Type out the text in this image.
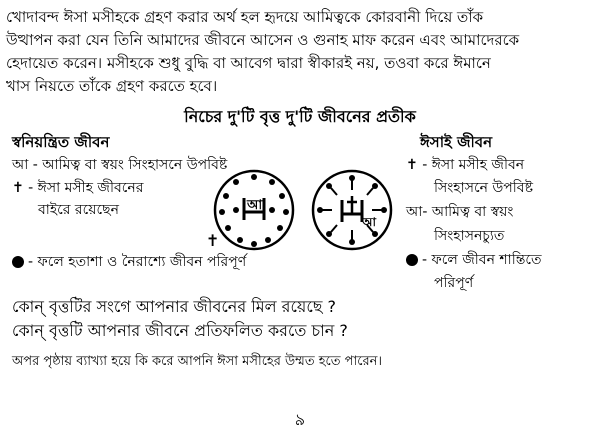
খোদাবন্দ ঈসা মসীহকে গ্রহণ করার অর্থ হল হৃদয়ে আমিত্বকে কোরবানী দিয়ে তাঁক
উত্থাপন করা যেন তিনি আমাদের জীবনে আসেন ও গুনাহ মাফ করেন এবং আমাদেরকে
হেদায়েত করেন। মসীহকে শুধু বুদ্ধি বা আবেগ দ্বারা স্বীকারই নয়, তওবা করে ঈমানে
খাস নিয়তে তাঁকে গ্রহণ করতে হবে।
নিচের দু'টি বৃত্ত দু'টি জীবনের প্রতীক
স্বনিয়ন্ত্রিত জীবন
আ - আমিত্ব বা স্বয়ং সিংহাসনে উপবিষ্ট
✝ - ঈসা মসীহ জীবনের
বাইরে রয়েছেন
- ফলে হতাশা ও নৈরাশ্যে জীবন পরিপূর্ণ
ঈসাই জীবন
✝ - ঈসা মসীহ জীবন
সিংহাসনে উপবিষ্ট
আ- আমিত্ব বা স্বয়ং
সিংহাসনচ্যুত
- ফলে জীবন শান্তিতে
পরিপূর্ণ
আ
✝
আ
কোন্ বৃত্তটির সংগে আপনার জীবনের মিল রয়েছে ?
কোন্ বৃত্তটি আপনার জীবনে প্রতিফলিত করতে চান ?
অপর পৃষ্ঠায় ব্যাখ্যা হয়ে কি করে আপনি ঈসা মসীহের উম্মত হতে পারেন।
৯
